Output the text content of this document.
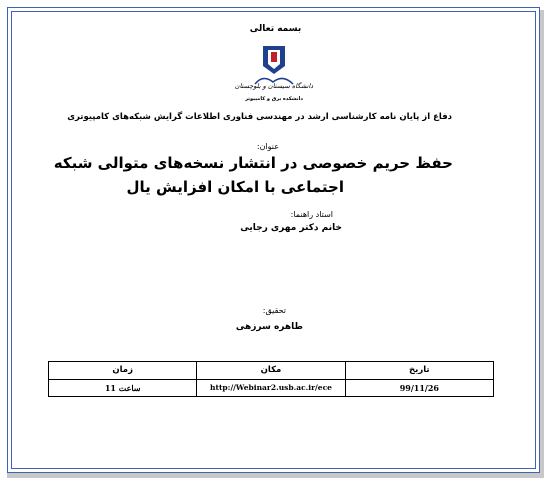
بسمه تعالی
دانشگاه سیستان و بلوچستان
دانشکده برق و کامپیوتر
دفاع از پایان نامه کارشناسی ارشد در مهندسی فناوری اطلاعات گرایش شبکه‌های کامپیوتری
عنوان:
حفظ حریم خصوصی در انتشار نسخه‌های متوالی شبکه
اجتماعی با امکان افزایش یال
استاد راهنما:
خانم دکتر مهری رجایی
تحقیق:
طاهره سرزهی
زمان	مکان	تاریخ
ساعت 11	http://Webinar2.usb.ac.ir/ece	99/11/26
